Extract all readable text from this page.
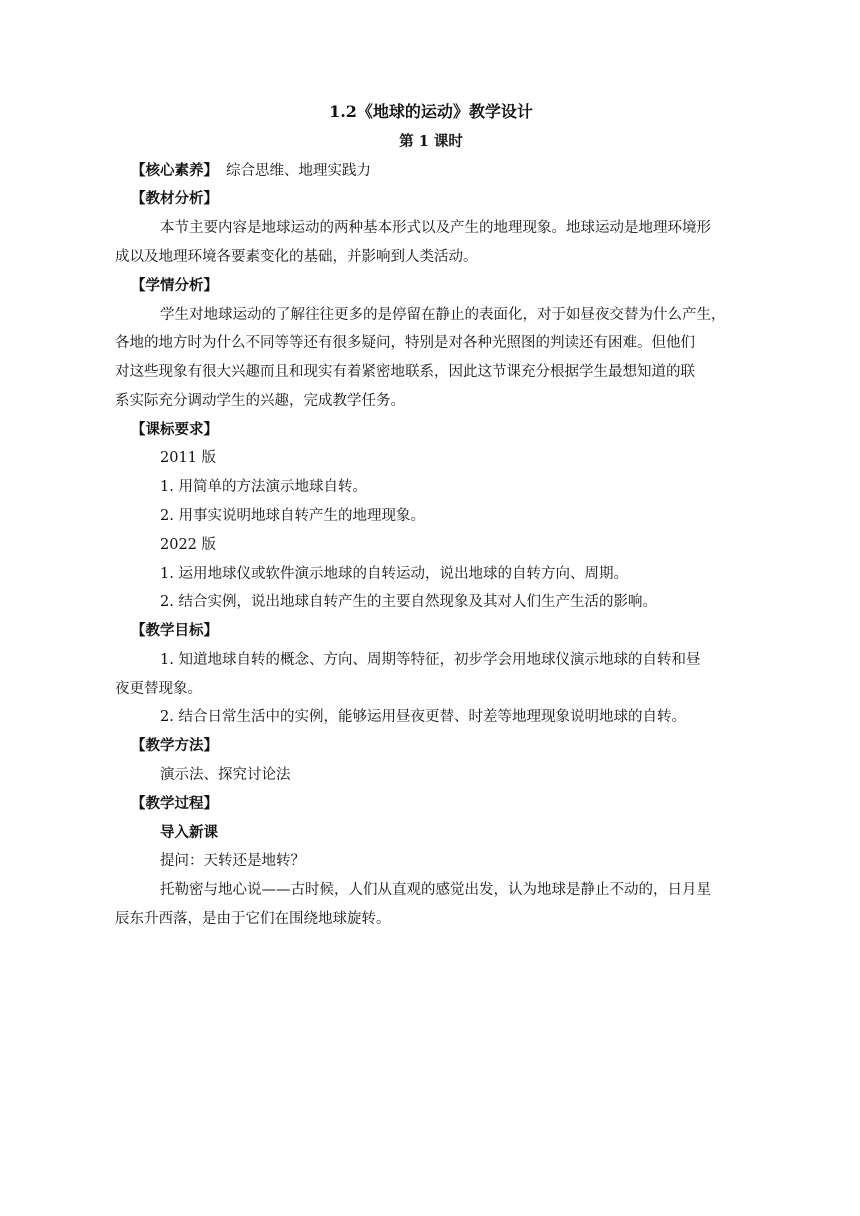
1.2《地球的运动》教学设计
第 1 课时
【核心素养】 综合思维、地理实践力
【教材分析】
本节主要内容是地球运动的两种基本形式以及产生的地理现象。地球运动是地理环境形
成以及地理环境各要素变化的基础，并影响到人类活动。
【学情分析】
学生对地球运动的了解往往更多的是停留在静止的表面化，对于如昼夜交替为什么产生，
各地的地方时为什么不同等等还有很多疑问，特别是对各种光照图的判读还有困难。但他们
对这些现象有很大兴趣而且和现实有着紧密地联系，因此这节课充分根据学生最想知道的联
系实际充分调动学生的兴趣，完成教学任务。
【课标要求】
2011 版
1. 用简单的方法演示地球自转。
2. 用事实说明地球自转产生的地理现象。
2022 版
1. 运用地球仪或软件演示地球的自转运动，说出地球的自转方向、周期。
2. 结合实例，说出地球自转产生的主要自然现象及其对人们生产生活的影响。
【教学目标】
1. 知道地球自转的概念、方向、周期等特征，初步学会用地球仪演示地球的自转和昼
夜更替现象。
2. 结合日常生活中的实例，能够运用昼夜更替、时差等地理现象说明地球的自转。
【教学方法】
演示法、探究讨论法
【教学过程】
导入新课
提问：天转还是地转？
托勒密与地心说——古时候，人们从直观的感觉出发，认为地球是静止不动的，日月星
辰东升西落，是由于它们在围绕地球旋转。
